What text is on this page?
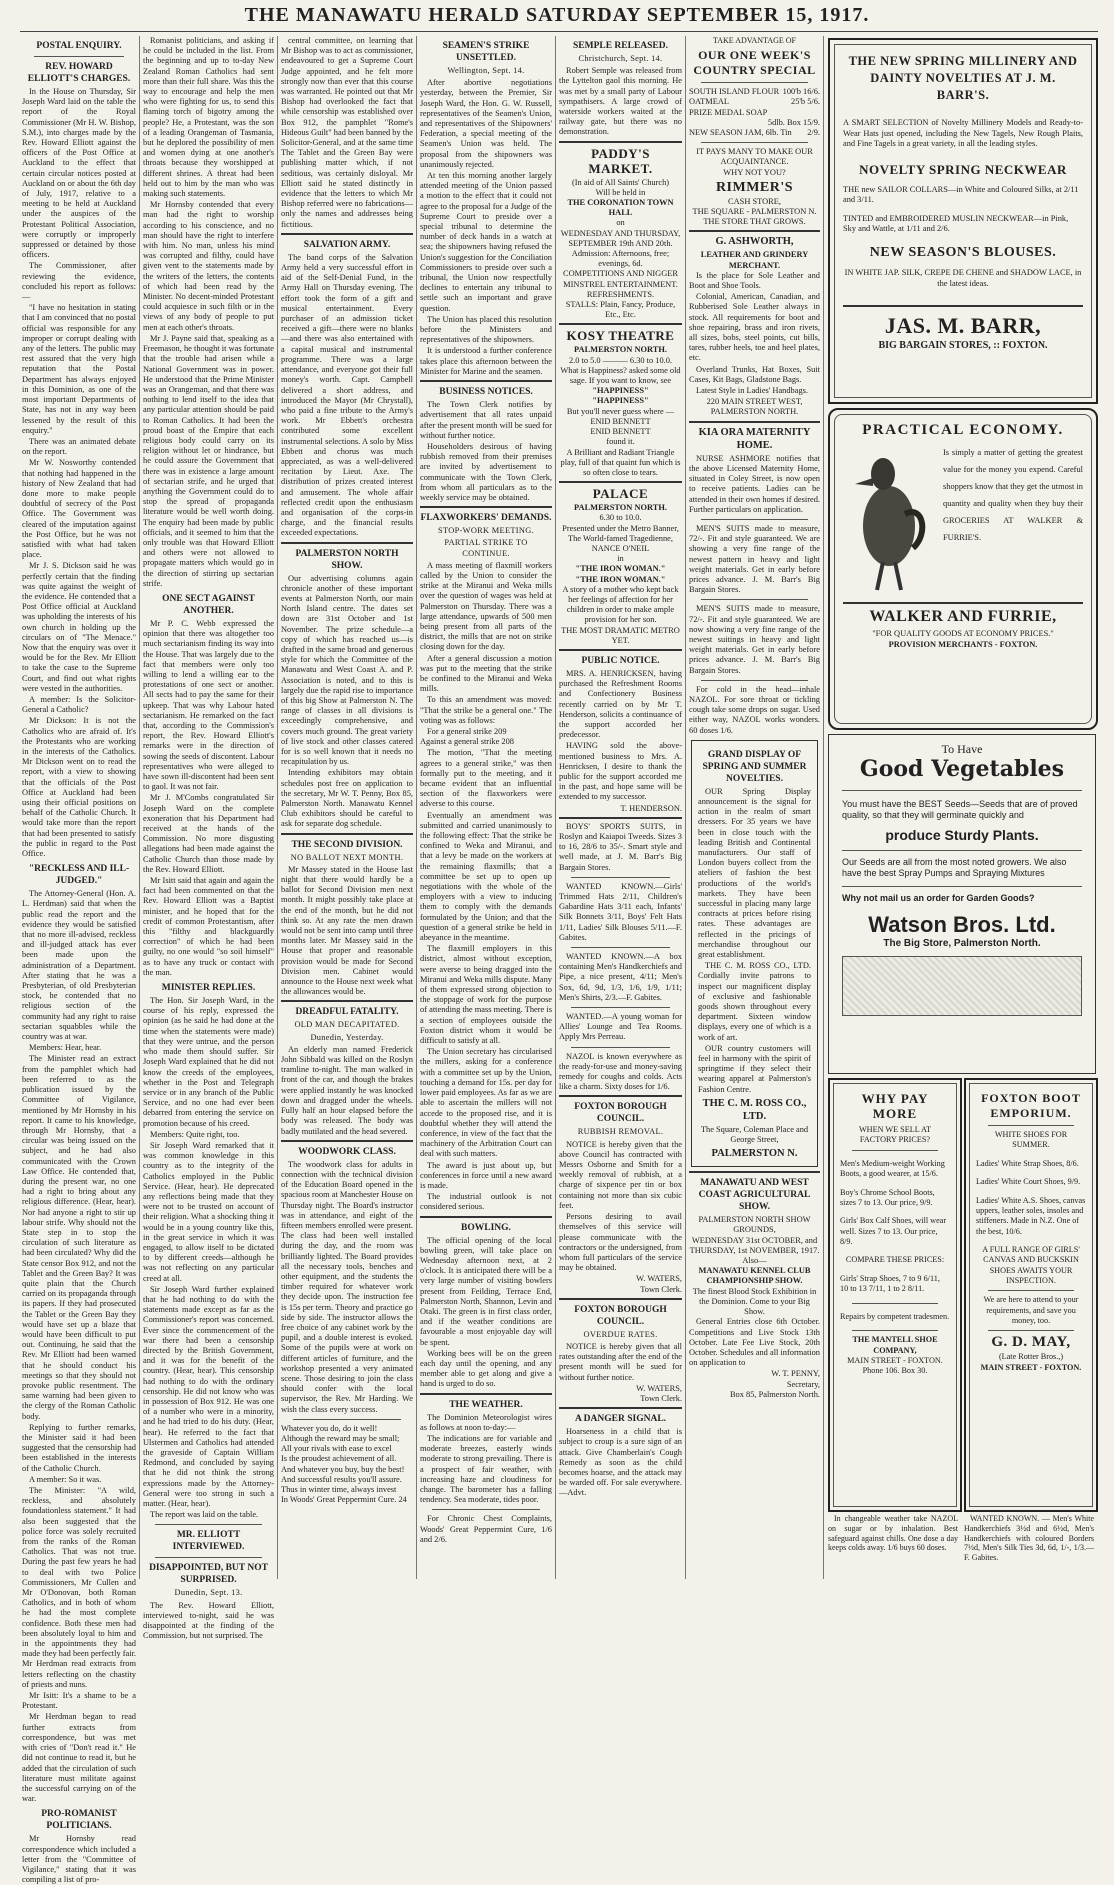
THE MANAWATU HERALD SATURDAY SEPTEMBER 15, 1917.
POSTAL ENQUIRY.
REV. HOWARD ELLIOTT'S CHARGES.

In the House on Thursday, Sir Joseph Ward laid on the table the report of the Royal Commissioner (Mr H. W. Bishop, S.M.), into charges made by the Rev. Howard Elliott against the officers of the Post Office at Auckland to the effect that certain circular notices posted at Auckland on or about the 6th day of July, 1917, relative to a meeting to be held at Auckland under the auspices of the Protestant Political Association, were corruptly or improperly suppressed or detained by those officers.

The Commissioner, after reviewing the evidence, concluded his report as follows:—

"I have no hesitation in stating that I am convinced that no postal official was responsible for any improper or corrupt dealing with any of the letters. The public may rest assured that the very high reputation that the Postal Department has always enjoyed in this Dominion, as one of the most important Departments of State, has not in any way been lessened by the result of this enquiry."

There was an animated debate on the report.

Mr W. Nosworthy contended that nothing had happened in the history of New Zealand that had done more to make people doubtful of secrecy of the Post Office. The Government was cleared of the imputation against the Post Office, but he was not satisfied with what had taken place.

Mr J. S. Dickson said he was perfectly certain that the finding was quite against the weight of the evidence. He contended that a Post Office official at Auckland was upholding the interests of his own church in holding up the circulars on of "The Menace." Now that the enquiry was over it would be for the Rev. Mr Elliott to take the case to the Supreme Court, and find out what rights were vested in the authorities.

A member: Is the Solicitor-General a Catholic?

Mr Dickson: It is not the Catholics who are afraid of. It's the Protestants who are working in the interests of the Catholics. Mr Dickson went on to read the report, with a view to showing that the officials of the Post Office at Auckland had been using their official positions on behalf of the Catholic Church. It would take more than the report that had been presented to satisfy the public in regard to the Post Office.

"RECKLESS AND ILL-JUDGED."

The Attorney-General (Hon. A. L. Herdman) said that when the public read the report and the evidence they would be satisfied that no more ill-advised, reckless and ill-judged attack has ever been made upon the administration of a Department. After stating that he was a Presbyterian, of old Presbyterian stock, he contended that no religious section of the community had any right to raise sectarian squabbles while the country was at war.

Members: Hear, hear.

The Minister read an extract from the pamphlet which had been referred to as the publication issued by the Committee of Vigilance, mentioned by Mr Hornsby in his report. It came to his knowledge, through Mr Hornsby, that a circular was being issued on the subject, and he had also communicated with the Crown Law Office. He contended that, during the present war, no one had a right to bring about any religious difference. (Hear, hear). Nor had anyone a right to stir up labour strife. Why should not the State step in to stop the circulation of such literature as had been circulated? Why did the State censor Box 912, and not the Tablet and the Green Bay? It was quite plain that the Church carried on its propaganda through its papers. If they had prosecuted the Tablet or the Green Bay they would have set up a blaze that would have been difficult to put out. Continuing, he said that the Rev. Mr Elliott had been warned that he should conduct his meetings so that they should not provoke public resentment. The same warning had been given to the clergy of the Roman Catholic body.

Replying to further remarks, the Minister said it had been suggested that the censorship had been established in the interests of the Catholic Church.

A member: So it was.

The Minister: "A wild, reckless, and absolutely foundationless statement." It had also been suggested that the police force was solely recruited from the ranks of the Roman Catholics. That was not true. During the past few years he had to deal with two Police Commissioners, Mr Cullen and Mr O'Donovan, both Roman Catholics, and in both of whom he had the most complete confidence. Both these men had been absolutely loyal to him and in the appointments they had made they had been perfectly fair. Mr Herdman read extracts from letters reflecting on the chastity of priests and nuns.

Mr Isitt: It's a shame to be a Protestant.

Mr Herdman began to read further extracts from correspondence, but was met with cries of "Don't read it." He did not continue to read it, but he added that the circulation of such literature must militate against the successful carrying on of the war.

PRO-ROMANIST POLITICIANS.

Mr Hornsby read correspondence which included a letter from the "Committee of Vigilance," stating that it was compiling a list of pro-

Romanist politicians, and asking if he could be included in the list. From the beginning and up to to-day New Zealand Roman Catholics had sent more than their full share. Was this the way to encourage and help the men who were fighting for us, to send this flaming torch of bigotry among the people? He, a Protestant, was the son of a leading Orangeman of Tasmania, but he deplored the possibility of men and women dying at one another's throats because they worshipped at different shrines. A threat had been held out to him by the man who was making such statements.

Mr Hornsby contended that every man had the right to worship according to his conscience, and no man should have the right to interfere with him. No man, unless his mind was corrupted and filthy, could have given vent to the statements made by the writers of the letters, the contents of which had been read by the Minister. No decent-minded Protestant could acquiesce in such filth or in the views of any body of people to put men at each other's throats.

Mr J. Payne said that, speaking as a Freemason, he thought it was fortunate that the trouble had arisen while a National Government was in power. He understood that the Prime Minister was an Orangeman, and that there was nothing to lend itself to the idea that any particular attention should be paid to Roman Catholics. It had been the proud boast of the Empire that each religious body could carry on its religion without let or hindrance, but he could assure the Government that there was in existence a large amount of sectarian strife, and he urged that anything the Government could do to stop the spread of propaganda literature would be well worth doing. The enquiry had been made by public officials, and it seemed to him that the only trouble was that Howard Elliott and others were not allowed to propagate matters which would go in the direction of stirring up sectarian strife.

ONE SECT AGAINST ANOTHER.

Mr P. C. Webb expressed the opinion that there was altogether too much sectarianism finding its way into the House. That was largely due to the fact that members were only too willing to lend a willing ear to the protestations of one sect or another. All sects had to pay the same for their upkeep. That was why Labour hated sectarianism. He remarked on the fact that, according to the Commission's report, the Rev. Howard Elliott's remarks were in the direction of sowing the seeds of discontent. Labour representatives who were alleged to have sown ill-discontent had been sent to gaol. It was not fair.

Mr J. M'Combs congratulated Sir Joseph Ward on the complete exoneration that his Department had received at the hands of the Commission. No more disgusting allegations had been made against the Catholic Church than those made by the Rev. Howard Elliott.

Mr Isitt said that again and again the fact had been commented on that the Rev. Howard Elliott was a Baptist minister, and he hoped that for the credit of common Protestantism, after this "filthy and blackguardly correction" of which he had been guilty, no one would "so soil himself" as to have any truck or contact with the man.

MINISTER REPLIES.

The Hon. Sir Joseph Ward, in the course of his reply, expressed the opinion (as he said he had done at the time when the statements were made) that they were untrue, and the person who made them should suffer. Sir Joseph Ward explained that he did not know the creeds of the employees, whether in the Post and Telegraph service or in any branch of the Public Service, and no one had ever been debarred from entering the service on promotion because of his creed.

Members: Quite right, too.

Sir Joseph Ward remarked that it was common knowledge in this country as to the integrity of the Catholics employed in the Public Service. (Hear, hear). He deprecated any reflections being made that they were not to be trusted on account of their religion. What a shocking thing it would be in a young country like this, in the great service in which it was engaged, to allow itself to be dictated to by different creeds—although he was not reflecting on any particular creed at all.

Sir Joseph Ward further explained that he had nothing to do with the statements made except as far as the Commissioner's report was concerned. Ever since the commencement of the war there had been a censorship directed by the British Government, and it was for the benefit of the country. (Hear, hear). This censorship had nothing to do with the ordinary censorship. He did not know who was in possession of Box 912. He was one of a number who were in a minority, and he had tried to do his duty. (Hear, hear). He referred to the fact that Ulstermen and Catholics had attended the graveside of Captain William Redmond, and concluded by saying that he did not think the strong expressions made by the Attorney-General were too strong in such a matter. (Hear, hear).

The report was laid on the table.

MR. ELLIOTT INTERVIEWED.
DISAPPOINTED, BUT NOT SURPRISED.
Dunedin, Sept. 13.

The Rev. Howard Elliott, interviewed to-night, said he was disappointed at the finding of the Commission, but not surprised. The

central committee, on learning that Mr Bishop was to act as commissioner, endeavoured to get a Supreme Court Judge appointed, and he felt more strongly now than ever that this course was warranted. He pointed out that Mr Bishop had overlooked the fact that while censorship was established over Box 912, the pamphlet "Rome's Hideous Guilt" had been banned by the Solicitor-General, and at the same time The Tablet and the Green Bay were publishing matter which, if not seditious, was certainly disloyal. Mr Elliott said he stated distinctly in evidence that the letters to which Mr Bishop referred were no fabrications—only the names and addresses being fictitious.

SALVATION ARMY.

The band corps of the Salvation Army held a very successful effort in aid of the Self-Denial Fund, in the Army Hall on Thursday evening. The effort took the form of a gift and musical entertainment. Every purchaser of an admission ticket received a gift—there were no blanks—and there was also entertained with a capital musical and instrumental programme. There was a large attendance, and everyone got their full money's worth. Capt. Campbell delivered a short address, and introduced the Mayor (Mr Chrystall), who paid a fine tribute to the Army's work. Mr Ebbett's orchestra contributed some excellent instrumental selections. A solo by Miss Ebbett and chorus was much appreciated, as was a well-delivered recitation by Lieut. Axe. The distribution of prizes created interest and amusement. The whole affair reflected credit upon the enthusiasm and organisation of the corps-in charge, and the financial results exceeded expectations.

PALMERSTON NORTH SHOW.

Our advertising columns again chronicle another of these important events at Palmerston North, our main North Island centre. The dates set down are 31st October and 1st November. The prize schedule—a copy of which has reached us—is drafted in the same broad and generous style for which the Committee of the Manawatu and West Coast A. and P. Association is noted, and to this is largely due the rapid rise to importance of this big Show at Palmerston N. The range of classes in all divisions is exceedingly comprehensive, and covers much ground. The great variety of live stock and other classes catered for is so well known that it needs no recapitulation by us.

Intending exhibitors may obtain schedules post free on application to the secretary, Mr W. T. Penny, Box 85, Palmerston North. Manawatu Kennel Club exhibitors should be careful to ask for separate dog schedule.

THE SECOND DIVISION.
NO BALLOT NEXT MONTH.

Mr Massey stated in the House last night that there would hardly be a ballot for Second Division men next month. It might possibly take place at the end of the month, but he did not think so. At any rate the men drawn would not be sent into camp until three months later. Mr Massey said in the House that proper and reasonable provision would be made for Second Division men. Cabinet would announce to the House next week what the allowances would be.

DREADFUL FATALITY.
OLD MAN DECAPITATED.
Dunedin, Yesterday.

An elderly man named Frederick John Sibbald was killed on the Roslyn tramline to-night. The man walked in front of the car, and though the brakes were applied instantly he was knocked down and dragged under the wheels. Fully half an hour elapsed before the body was released. The body was badly mutilated and the head severed.

WOODWORK CLASS.

The woodwork class for adults in connection with the technical division of the Education Board opened in the spacious room at Manchester House on Thursday night. The Board's instructor was in attendance, and eight of the fifteen members enrolled were present. The class had been well installed during the day, and the room was brilliantly lighted. The Board provides all the necessary tools, benches and other equipment, and the students the timber required for whatever work they decide upon. The instruction fee is 15s per term. Theory and practice go side by side. The instructor allows the free choice of any cabinet work by the pupil, and a double interest is evoked. Some of the pupils were at work on different articles of furniture, and the workshop presented a very animated scene. Those desiring to join the class should confer with the local supervisor, the Rev. Mr Harding. We wish the class every success.

Whatever you do, do it well!
Although the reward may be small;
All your rivals with ease to excel
Is the proudest achievement of all.
And whatever you buy, buy the best!
And successful results you'll assure.
Thus in winter time, always invest
In Woods' Great Peppermint Cure. 24

SEAMEN'S STRIKE UNSETTLED.
Wellington, Sept. 14.

After abortive negotiations yesterday, between the Premier, Sir Joseph Ward, the Hon. G. W. Russell, representatives of the Seamen's Union, and representatives of the Shipowners' Federation, a special meeting of the Seamen's Union was held. The proposal from the shipowners was unanimously rejected.

At ten this morning another largely attended meeting of the Union passed a motion to the effect that it could not agree to the proposal for a Judge of the Supreme Court to preside over a special tribunal to determine the number of deck hands in a watch at sea; the shipowners having refused the Union's suggestion for the Conciliation Commissioners to preside over such a tribunal, the Union now respectfully declines to entertain any tribunal to settle such an important and grave question.

The Union has placed this resolution before the Ministers and representatives of the shipowners.

It is understood a further conference takes place this afternoon between the Minister for Marine and the seamen.

BUSINESS NOTICES.

The Town Clerk notifies by advertisement that all rates unpaid after the present month will be sued for without further notice.

Householders desirous of having rubbish removed from their premises are invited by advertisement to communicate with the Town Clerk, from whom all particulars as to the weekly service may be obtained.

FLAXWORKERS' DEMANDS.
STOP-WORK MEETING.
PARTIAL STRIKE TO CONTINUE.

A mass meeting of flaxmill workers called by the Union to consider the strike at the Miranui and Weka mills over the question of wages was held at Palmerston on Thursday. There was a large attendance, upwards of 500 men being present from all parts of the district, the mills that are not on strike closing down for the day.

After a general discussion a motion was put to the meeting that the strike be confined to the Miranui and Weka mills.

To this an amendment was moved: "That the strike be a general one." The voting was as follows:

For a general strike 209
Against a general strike 208

The motion, "That the meeting agrees to a general strike," was then formally put to the meeting, and it became evident that an influential section of the flaxworkers were adverse to this course.

Eventually an amendment was submitted and carried unanimously to the following effect: That the strike be confined to Weka and Miranui, and that a levy be made on the workers at the remaining flaxmills; that a committee be set up to open up negotiations with the whole of the employers with a view to inducing them to comply with the demands formulated by the Union; and that the question of a general strike be held in abeyance in the meantime.

The flaxmill employers in this district, almost without exception, were averse to being dragged into the Miranui and Weka mills dispute. Many of them expressed strong objection to the stoppage of work for the purpose of attending the mass meeting. There is a section of employees outside the Foxton district whom it would be difficult to satisfy at all.

The Union secretary has circularised the millers, asking for a conference with a committee set up by the Union, touching a demand for 15s. per day for lower paid employees. As far as we are able to ascertain the millers will not accede to the proposed rise, and it is doubtful whether they will attend the conference, in view of the fact that the machinery of the Arbitration Court can deal with such matters.

The award is just about up, but conferences in force until a new award is made.

The industrial outlook is not considered serious.

BOWLING.

The official opening of the local bowling green, will take place on Wednesday afternoon next, at 2 o'clock. It is anticipated there will be a very large number of visiting bowlers present from Feilding, Terrace End, Palmerston North, Shannon, Levin and Otaki. The green is in first class order, and if the weather conditions are favourable a most enjoyable day will be spent.

Working bees will be on the green each day until the opening, and any member able to get along and give a hand is urged to do so.

THE WEATHER.

The Dominion Meteorologist wires as follows at noon to-day:—

The indications are for variable and moderate breezes, easterly winds moderate to strong prevailing. There is a prospect of fair weather, with increasing haze and cloudiness for change. The barometer has a falling tendency. Sea moderate, tides poor.

For Chronic Chest Complaints, Woods' Great Peppermint Cure, 1/6 and 2/6.

SEMPLE RELEASED.
Christchurch, Sept. 14.

Robert Semple was released from the Lyttelton gaol this morning. He was met by a small party of Labour sympathisers. A large crowd of waterside workers waited at the railway gate, but there was no demonstration.

PADDY'S MARKET.
(In aid of All Saints' Church)
Will be held in
THE CORONATION TOWN HALL
on
WEDNESDAY AND THURSDAY, SEPTEMBER 19th AND 20th.
Admission: Afternoons, free; evenings, 6d.
COMPETITIONS AND NIGGER MINSTREL ENTERTAINMENT. REFRESHMENTS.
STALLS: Plain, Fancy, Produce, Etc., Etc.
KOSY THEATRE
PALMERSTON NORTH.
2.0 to 5.0 ——— 6.30 to 10.0.
What is Happiness? asked some old sage. If you want to know, see
"HAPPINESS"
"HAPPINESS"
But you'll never guess where —
ENID BENNETT
ENID BENNETT
found it.
A Brilliant and Radiant Triangle play, full of that quaint fun which is so often close to tears.
PALACE
PALMERSTON NORTH.
6.30 to 10.0.
Presented under the Metro Banner, The World-famed Tragedienne, NANCE O'NEIL
in
"THE IRON WOMAN."
"THE IRON WOMAN."
A story of a mother who kept back her feelings of affection for her children in order to make ample provision for her son.
THE MOST DRAMATIC METRO YET.
PUBLIC NOTICE.

MRS. A. HENRICKSEN, having purchased the Refreshment Rooms and Confectionery Business recently carried on by Mr T. Henderson, solicits a continuance of the support accorded her predecessor.

HAVING sold the above-mentioned business to Mrs. A. Henricksen, I desire to thank the public for the support accorded me in the past, and hope same will be extended to my successor.

T. HENDERSON.

BOYS' SPORTS SUITS, in Roslyn and Kaiapoi Tweeds. Sizes 3 to 16, 28/6 to 35/-. Smart style and well made, at J. M. Barr's Big Bargain Stores.

WANTED KNOWN.—Girls' Trimmed Hats 2/11, Children's Gabardine Hats 3/11 each, Infants' Silk Bonnets 3/11, Boys' Felt Hats 1/11, Ladies' Silk Blouses 5/11.—F. Gabites.

WANTED KNOWN.—A box containing Men's Handkerchiefs and Pipe, a nice present, 4/11; Men's Sox, 6d, 9d, 1/3, 1/6, 1/9, 1/11; Men's Shirts, 2/3.—F. Gabites.

WANTED.—A young woman for Allies' Lounge and Tea Rooms. Apply Mrs Perreau.

NAZOL is known everywhere as the ready-for-use and money-saving remedy for coughs and colds. Acts like a charm. Sixty doses for 1/6.

FOXTON BOROUGH COUNCIL.
RUBBISH REMOVAL.

NOTICE is hereby given that the above Council has contracted with Messrs Osborne and Smith for a weekly removal of rubbish, at a charge of sixpence per tin or box containing not more than six cubic feet.

Persons desiring to avail themselves of this service will please communicate with the contractors or the undersigned, from whom full particulars of the service may be obtained.

W. WATERS,
Town Clerk.
FOXTON BOROUGH COUNCIL.
OVERDUE RATES.

NOTICE is hereby given that all rates outstanding after the end of the present month will be sued for without further notice.

W. WATERS,
Town Clerk.
A DANGER SIGNAL.

Hoarseness in a child that is subject to croup is a sure sign of an attack. Give Chamberlain's Cough Remedy as soon as the child becomes hoarse, and the attack may be warded off. For sale everywhere.—Advt.

TAKE ADVANTAGE OF
OUR ONE WEEK'S COUNTRY SPECIAL
SOUTH ISLAND FLOUR 100'b 16/6.
OATMEAL	25'b 5/6.
PRIZE MEDAL SOAP
5dlb. Box 15/9.
NEW SEASON JAM, 6lb. Tin 2/9.
IT PAYS MANY TO MAKE OUR ACQUAINTANCE.
WHY NOT YOU?
RIMMER'S
CASH STORE,
THE SQUARE - PALMERSTON N.
THE STORE THAT GROWS.
G. ASHWORTH,
LEATHER AND GRINDERY MERCHANT.

Is the place for Sole Leather and Boot and Shoe Tools.

Colonial, American, Canadian, and Rubberised Sole Leather always in stock. All requirements for boot and shoe repairing, brass and iron rivets, all sizes, bobs, steel points, cut bills, tares, rubber heels, toe and heel plates, etc.

Overland Trunks, Hat Boxes, Suit Cases, Kit Bags, Gladstone Bags.

Latest Style in Ladies' Handbags.

220 MAIN STREET WEST, PALMERSTON NORTH.
KIA ORA MATERNITY HOME.

NURSE ASHMORE notifies that the above Licensed Maternity Home, situated in Coley Street, is now open to receive patients. Ladies can be attended in their own homes if desired. Further particulars on application.

MEN'S SUITS made to measure, 72/-. Fit and style guaranteed. We are showing a very fine range of the newest pattern in heavy and light weight materials. Get in early before prices advance. J. M. Barr's Big Bargain Stores.

MEN'S SUITS made to measure, 72/-. Fit and style guaranteed. We are now showing a very fine range of the newest suitings in heavy and light weight materials. Get in early before prices advance. J. M. Barr's Big Bargain Stores.

For cold in the head—inhale NAZOL. For sore throat or tickling cough take some drops on sugar. Used either way, NAZOL works wonders. 60 doses 1/6.

GRAND DISPLAY OF SPRING AND SUMMER NOVELTIES.

OUR Spring Display announcement is the signal for action in the realm of smart dressers. For 35 years we have been in close touch with the leading British and Continental manufacturers. Our staff of London buyers collect from the ateliers of fashion the best productions of the world's markets. They have been successful in placing many large contracts at prices before rising rates. These advantages are reflected in the pricings of merchandise throughout our great establishment.

THE C. M. ROSS CO., LTD. Cordially invite patrons to inspect our magnificent display of exclusive and fashionable goods shown throughout every department. Sixteen window displays, every one of which is a work of art.

OUR country customers will feel in harmony with the spirit of springtime if they select their wearing apparel at Palmerston's Fashion Centre.

THE C. M. ROSS CO., LTD.
The Square, Coleman Place and George Street,
PALMERSTON N.
MANAWATU AND WEST COAST AGRICULTURAL SHOW.
PALMERSTON NORTH SHOW GROUNDS,
WEDNESDAY 31st OCTOBER, and THURSDAY, 1st NOVEMBER, 1917. Also—
MANAWATU KENNEL CLUB CHAMPIONSHIP SHOW.
The finest Blood Stock Exhibition in the Dominion. Come to your Big Show.

General Entries close 6th October. Competitions and Live Stock 13th October. Late Fee Live Stock, 20th October. Schedules and all information on application to

W. T. PENNY,
Secretary,
Box 85, Palmerston North.
THE NEW SPRING MILLINERY AND DAINTY NOVELTIES AT J. M. BARR'S.

A SMART SELECTION of Novelty Millinery Models and Ready-to-Wear Hats just opened, including the New Tagels, New Rough Plaits, and Fine Tagels in a great variety, in all the leading styles.

NOVELTY SPRING NECKWEAR

THE new SAILOR COLLARS—in White and Coloured Silks, at 2/11 and 3/11.

TINTED and EMBROIDERED MUSLIN NECKWEAR—in Pink, Sky and Wattle, at 1/11 and 2/6.

NEW SEASON'S BLOUSES.

IN WHITE JAP. SILK, CREPE DE CHENE and SHADOW LACE, in the latest ideas.

JAS. M. BARR,
BIG BARGAIN STORES, :: FOXTON.
PRACTICAL ECONOMY.
Is simply a matter of getting the greatest value for the money you expend. Careful shoppers know that they get the utmost in quantity and quality when they buy their GROCERIES AT WALKER & FURRIE'S.
WALKER AND FURRIE,
"FOR QUALITY GOODS AT ECONOMY PRICES."
PROVISION MERCHANTS - FOXTON.
To Have
Good Vegetables
You must have the BEST Seeds—Seeds that are of proved quality, so that they will germinate quickly and
produce Sturdy Plants.
Our Seeds are all from the most noted growers. We also have the best Spray Pumps and Spraying Mixtures
Why not mail us an order for Garden Goods?
Watson Bros. Ltd.
The Big Store, Palmerston North.
WHY PAY MORE
WHEN WE SELL AT FACTORY PRICES?

Men's Medium-weight Working Boots, a good wearer, at 15/6.

Boy's Chrome School Boots, sizes 7 to 13. Our price, 9/9.

Girls' Box Calf Shoes, will wear well. Sizes 7 to 13. Our price, 8/9.

COMPARE THESE PRICES:

Girls' Strap Shoes, 7 to 9 6/11, 10 to 13 7/11, 1 to 2 8/11.

Repairs by competent tradesmen.

THE MANTELL SHOE COMPANY,
MAIN STREET - FOXTON.
Phone 106. Box 30.
FOXTON BOOT EMPORIUM.
WHITE SHOES FOR SUMMER.

Ladies' White Strap Shoes, 8/6.

Ladies' White Court Shoes, 9/9.

Ladies' White A.S. Shoes, canvas uppers, leather soles, insoles and stiffeners. Made in N.Z. One of the best, 10/6.

A FULL RANGE OF GIRLS' CANVAS AND BUCKSKIN SHOES AWAITS YOUR INSPECTION.
We are here to attend to your requirements, and save you money, too.
G. D. MAY,
(Late Rotter Bros.,)
MAIN STREET - FOXTON.
In changeable weather take NAZOL on sugar or by inhalation. Best safeguard against chills. One dose a day keeps colds away. 1/6 buys 60 doses.
WANTED KNOWN. — Men's White Handkerchiefs 3½d and 6½d, Men's Handkerchiefs with coloured Borders 7½d, Men's Silk Ties 3d, 6d, 1/-, 1/3.—F. Gabites.
